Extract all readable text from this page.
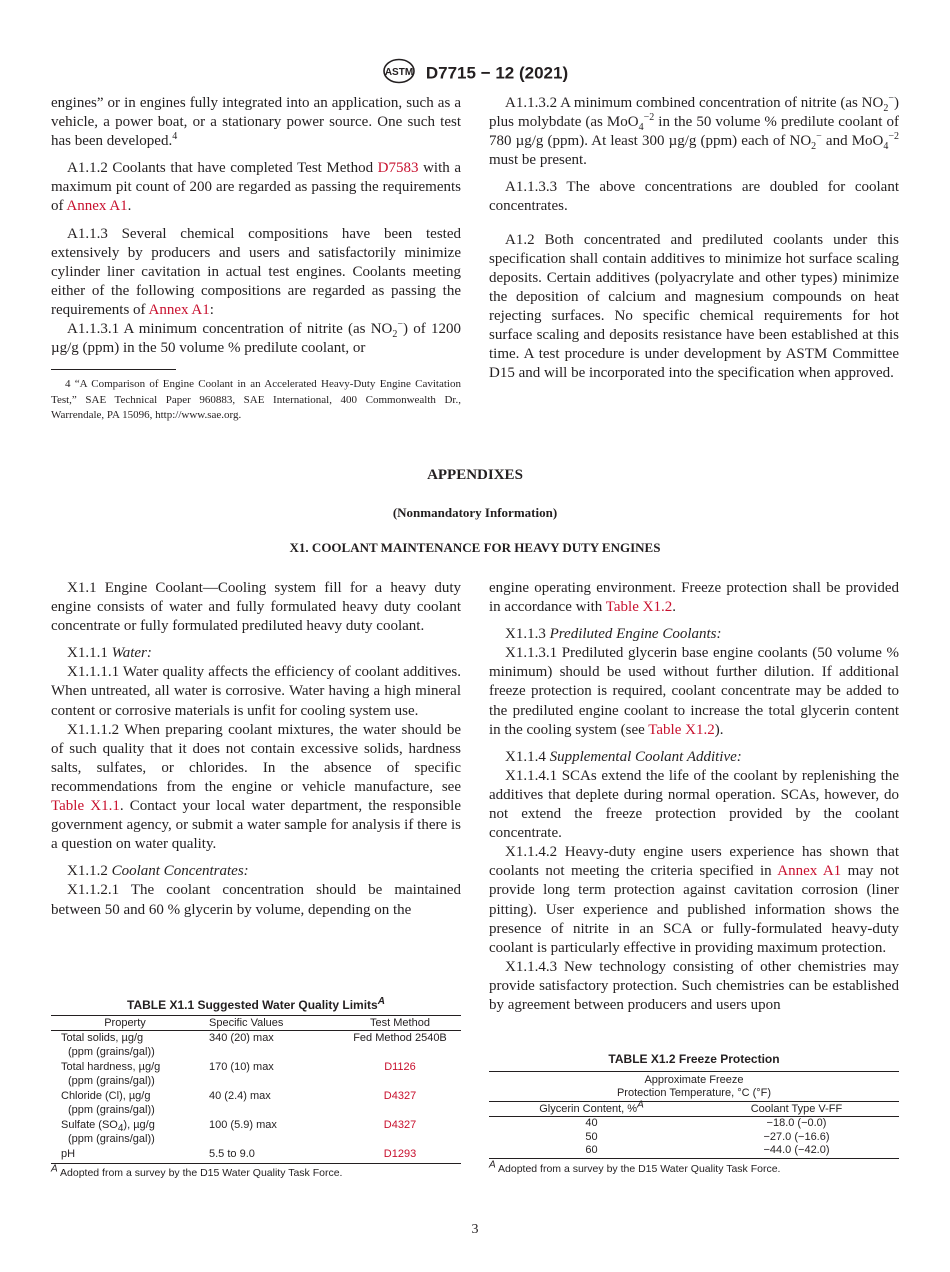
ASTM D7715 − 12 (2021)

engines” or in engines fully integrated into an application, such as a vehicle, a power boat, or a stationary power source. One such test has been developed.$^4$

A1.1.2 Coolants that have completed Test Method D7583 with a maximum pit count of 200 are regarded as passing the requirements of Annex A1.

A1.1.3 Several chemical compositions have been tested extensively by producers and users and satisfactorily minimize cylinder liner cavitation in actual test engines. Coolants meeting either of the following compositions are regarded as passing the requirements of Annex A1:

A1.1.3.1 A minimum concentration of nitrite (as $NO_2^-$) of 1200 µg/g (ppm) in the 50 volume % predilute coolant, or

4 “A Comparison of Engine Coolant in an Accelerated Heavy-Duty Engine Cavitation Test,” SAE Technical Paper 960883, SAE International, 400 Commonwealth Dr., Warrendale, PA 15096, http://www.sae.org.

A1.1.3.2 A minimum combined concentration of nitrite (as $NO_2^-$) plus molybdate (as MoO$_4^{-2}$ in the 50 volume % predilute coolant of 780 µg/g (ppm). At least 300 µg/g (ppm) each of $NO_2^-$ and MoO$_4^{-2}$ must be present.

A1.1.3.3 The above concentrations are doubled for coolant concentrates.

A1.2 Both concentrated and prediluted coolants under this specification shall contain additives to minimize hot surface scaling deposits. Certain additives (polyacrylate and other types) minimize the deposition of calcium and magnesium compounds on heat rejecting surfaces. No specific chemical requirements for hot surface scaling and deposits resistance have been established at this time. A test procedure is under development by ASTM Committee D15 and will be incorporated into the specification when approved.

APPENDIXES
(Nonmandatory Information)
X1. COOLANT MAINTENANCE FOR HEAVY DUTY ENGINES

X1.1 Engine Coolant—Cooling system fill for a heavy duty engine consists of water and fully formulated heavy duty coolant concentrate or fully formulated prediluted heavy duty coolant.

X1.1.1 Water:

X1.1.1.1 Water quality affects the efficiency of coolant additives. When untreated, all water is corrosive. Water having a high mineral content or corrosive materials is unfit for cooling system use.

X1.1.1.2 When preparing coolant mixtures, the water should be of such quality that it does not contain excessive solids, hardness salts, sulfates, or chlorides. In the absence of specific recommendations from the engine or vehicle manufacture, see Table X1.1. Contact your local water department, the responsible government agency, or submit a water sample for analysis if there is a question on water quality.

X1.1.2 Coolant Concentrates:

X1.1.2.1 The coolant concentration should be maintained between 50 and 60 % glycerin by volume, depending on the

engine operating environment. Freeze protection shall be provided in accordance with Table X1.2.

X1.1.3 Prediluted Engine Coolants:

X1.1.3.1 Prediluted glycerin base engine coolants (50 volume % minimum) should be used without further dilution. If additional freeze protection is required, coolant concentrate may be added to the prediluted engine coolant to increase the total glycerin content in the cooling system (see Table X1.2).

X1.1.4 Supplemental Coolant Additive:

X1.1.4.1 SCAs extend the life of the coolant by replenishing the additives that deplete during normal operation. SCAs, however, do not extend the freeze protection provided by the coolant concentrate.

X1.1.4.2 Heavy-duty engine users experience has shown that coolants not meeting the criteria specified in Annex A1 may not provide long term protection against cavitation corrosion (liner pitting). User experience and published information shows the presence of nitrite in an SCA or fully-formulated heavy-duty coolant is particularly effective in providing maximum protection.

X1.1.4.3 New technology consisting of other chemistries may provide satisfactory protection. Such chemistries can be established by agreement between producers and users upon

TABLE X1.1 Suggested Water Quality Limits$^A$
Property	Specific Values	Test Method

Total solids, µg/g
(ppm (grains/gal))	340 (20) max	Fed Method 2540B

Total hardness, µg/g
(ppm (grains/gal))	170 (10) max	D1126

Chloride (Cl), µg/g
(ppm (grains/gal))	40 (2.4) max	D4327

Sulfate $(SO_4)$, µg/g
(ppm (grains/gal))	100 (5.9) max	D4327

pH	5.5 to 9.0	D1293
$^A$ Adopted from a survey by the D15 Water Quality Task Force.
TABLE X1.2 Freeze Protection
Approximate Freeze
Protection Temperature, °C (°F)	

Glycerin Content, %$^A$	Coolant Type V-FF
40	−18.0 (−0.0)
50	−27.0 (−16.6)
60	−44.0 (−42.0)
$^A$ Adopted from a survey by the D15 Water Quality Task Force.
3
